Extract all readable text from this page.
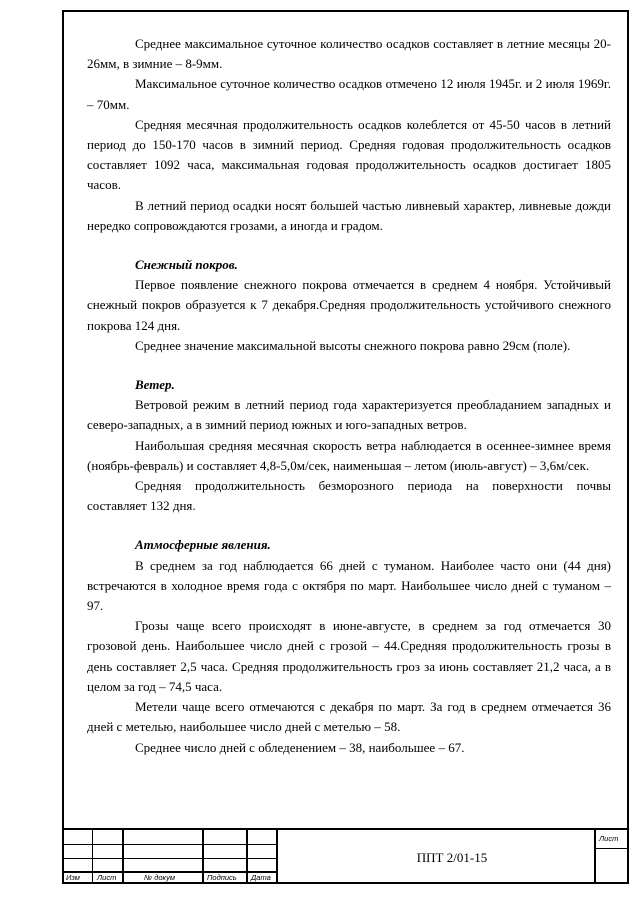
Среднее максимальное суточное количество осадков составляет в летние месяцы 20-26мм, в зимние – 8-9мм.

Максимальное суточное количество осадков отмечено 12 июля 1945г. и 2 июля 1969г. – 70мм.

Средняя месячная продолжительность осадков колеблется от 45-50 часов в летний период до 150-170 часов в зимний период. Средняя годовая продолжительность осадков составляет 1092 часа, максимальная годовая продолжительность осадков достигает 1805 часов.

В летний период осадки носят большей частью ливневый характер, ливневые дожди нередко сопровождаются грозами, а иногда и градом.

Снежный покров.

Первое появление снежного покрова отмечается в среднем 4 ноября. Устойчивый снежный покров образуется к 7 декабря.Средняя продолжительность устойчивого снежного покрова 124 дня.

Среднее значение максимальной высоты снежного покрова равно 29см (поле).

Ветер.

Ветровой режим в летний период года характеризуется преобладанием западных и северо-западных, а в зимний период южных и юго-западных ветров.

Наибольшая средняя месячная скорость ветра наблюдается в осеннее-зимнее время (ноябрь-февраль) и составляет 4,8-5,0м/сек, наименьшая – летом (июль-август) – 3,6м/сек.

Средняя продолжительность безморозного периода на поверхности почвы составляет 132 дня.

Атмосферные явления.

В среднем за год наблюдается 66 дней с туманом. Наиболее часто они (44 дня) встречаются в холодное время года с октября по март. Наибольшее число дней с туманом – 97.

Грозы чаще всего происходят в июне-августе, в среднем за год отмечается 30 грозовой день. Наибольшее число дней с грозой – 44.Средняя продолжительность грозы в день составляет 2,5 часа. Средняя продолжительность гроз за июнь составляет 21,2 часа, а в целом за год – 74,5 часа.

Метели чаще всего отмечаются с декабря по март. За год в среднем отмечается 36 дней с метелью, наибольшее число дней с метелью – 58.

Среднее число дней с обледенением – 38, наибольшее – 67.

Изм Лист	№ докум	Подпись Дата
Лист
ППТ 2/01-15
